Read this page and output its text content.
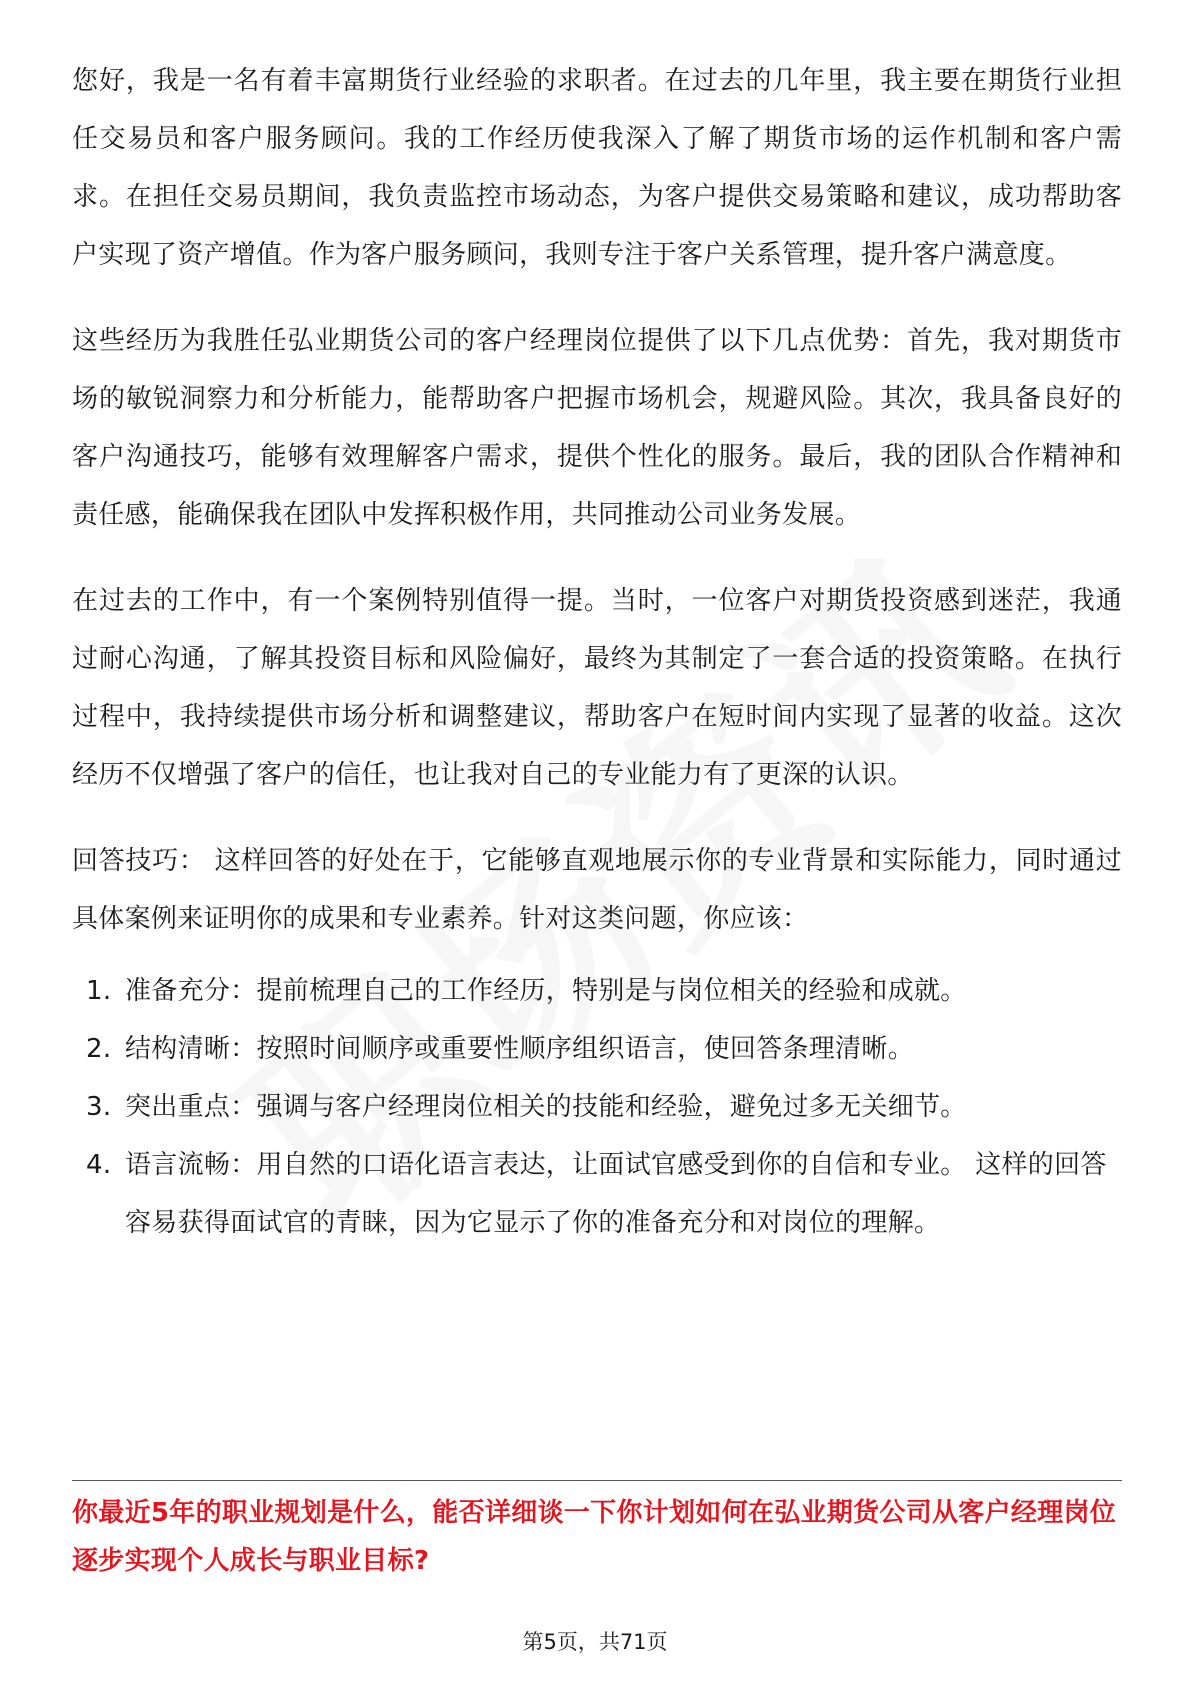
您好，我是一名有着丰富期货行业经验的求职者。在过去的几年里，我主要在期货行业担任交易员和客户服务顾问。我的工作经历使我深入了解了期货市场的运作机制和客户需求。在担任交易员期间，我负责监控市场动态，为客户提供交易策略和建议，成功帮助客户实现了资产增值。作为客户服务顾问，我则专注于客户关系管理，提升客户满意度。

这些经历为我胜任弘业期货公司的客户经理岗位提供了以下几点优势：首先，我对期货市场的敏锐洞察力和分析能力，能帮助客户把握市场机会，规避风险。其次，我具备良好的客户沟通技巧，能够有效理解客户需求，提供个性化的服务。最后，我的团队合作精神和责任感，能确保我在团队中发挥积极作用，共同推动公司业务发展。

在过去的工作中，有一个案例特别值得一提。当时，一位客户对期货投资感到迷茫，我通过耐心沟通，了解其投资目标和风险偏好，最终为其制定了一套合适的投资策略。在执行过程中，我持续提供市场分析和调整建议，帮助客户在短时间内实现了显著的收益。这次经历不仅增强了客户的信任，也让我对自己的专业能力有了更深的认识。

回答技巧： 这样回答的好处在于，它能够直观地展示你的专业背景和实际能力，同时通过具体案例来证明你的成果和专业素养。针对这类问题，你应该：

1. 准备充分：提前梳理自己的工作经历，特别是与岗位相关的经验和成就。
2. 结构清晰：按照时间顺序或重要性顺序组织语言，使回答条理清晰。
3. 突出重点：强调与客户经理岗位相关的技能和经验，避免过多无关细节。
4. 语言流畅：用自然的口语化语言表达，让面试官感受到你的自信和专业。 这样的回答容易获得面试官的青睐，因为它显示了你的准备充分和对岗位的理解。
你最近5年的职业规划是什么，能否详细谈一下你计划如何在弘业期货公司从客户经理岗位逐步实现个人成长与职业目标?
第5页，共71页
